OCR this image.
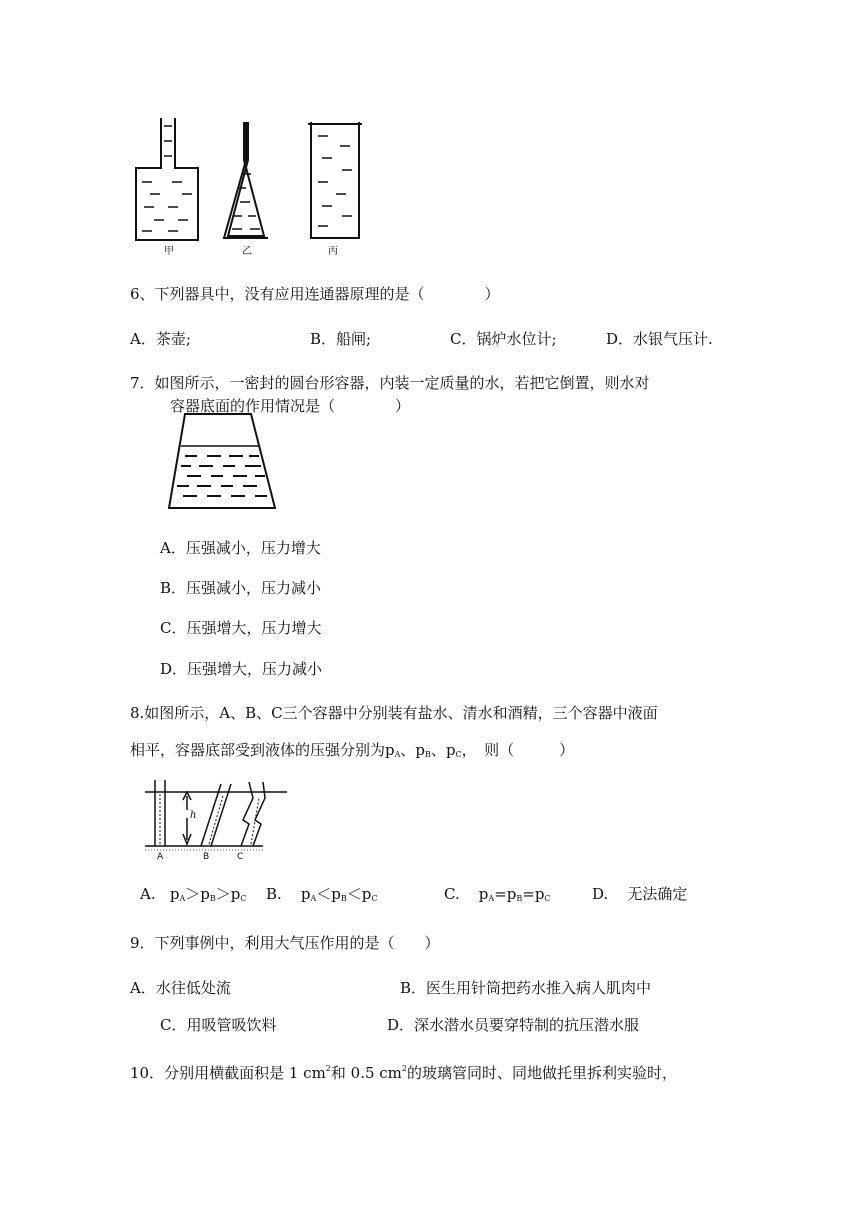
甲	乙	丙
6、下列器具中，没有应用连通器原理的是（　　　　）
A．茶壶;	B．船闸;	C．锅炉水位计;	D．水银气压计.
7．如图所示，一密封的圆台形容器，内装一定质量的水，若把它倒置，则水对
容器底面的作用情况是（　　　　）
A．压强减小，压力增大
B．压强减小，压力减小
C．压强增大，压力增大
D．压强增大，压力减小
8.如图所示，A、B、C三个容器中分别装有盐水、清水和酒精，三个容器中液面
相平，容器底部受到液体的压强分别为$p_A$、$p_B$、$p_C$，　则（　　　）
h
A	B	C
A.   $p_A>p_B>p_C$ B.    $p_A<p_B<p_C$	C.    $p_A=p_B=p_C$	D. 无法确定
9．下列事例中，利用大气压作用的是（　　）
A．水往低处流	B．医生用针筒把药水推入病人肌肉中
C．用吸管吸饮料	D．深水潜水员要穿特制的抗压潜水服
10．分别用横截面积是 1 $cm^2$和 0.5 $cm^2$的玻璃管同时、同地做托里拆利实验时，
